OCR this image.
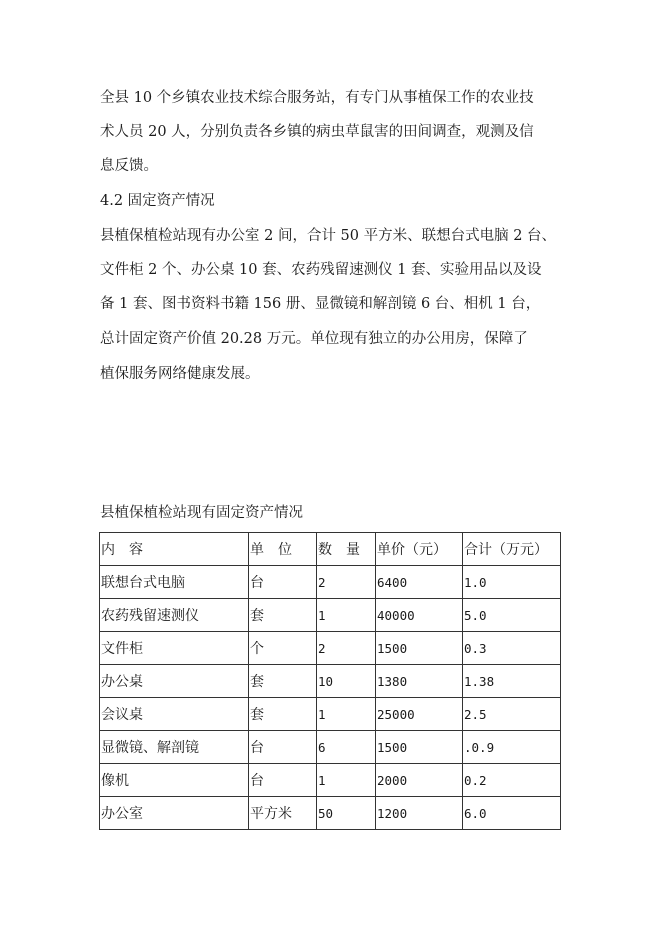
全县 10 个乡镇农业技术综合服务站，有专门从事植保工作的农业技
术人员 20 人，分别负责各乡镇的病虫草鼠害的田间调查，观测及信
息反馈。
4.2 固定资产情况
县植保植检站现有办公室 2 间，合计 50 平方米、联想台式电脑 2 台、
文件柜 2 个、办公桌 10 套、农药残留速测仪 1 套、实验用品以及设
备 1 套、图书资料书籍 156 册、显微镜和解剖镜 6 台、相机 1 台，
总计固定资产价值 20.28 万元。单位现有独立的办公用房，保障了
植保服务网络健康发展。
县植保植检站现有固定资产情况
内　容	单　位	数　量	单价（元）	合计（万元）
联想台式电脑	台	2	6400	1.0
农药残留速测仪	套	1	40000	5.0
文件柜	个	2	1500	0.3
办公桌	套	10	1380	1.38
会议桌	套	1	25000	2.5
显微镜、解剖镜	台	6	1500	.0.9
像机	台	1	2000	0.2
办公室	平方米	50	1200	6.0
